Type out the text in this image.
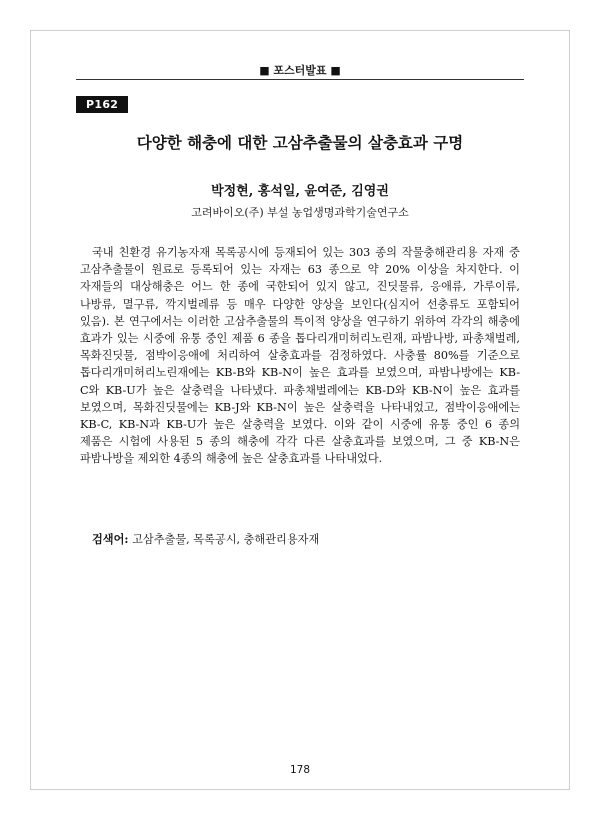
■ 포스터발표 ■
P162
다양한 해충에 대한 고삼추출물의 살충효과 구명
박정현, 홍석일, 윤여준, 김영권
고려바이오(주) 부설 농업생명과학기술연구소

국내 친환경 유기농자재 목록공시에 등재되어 있는 303 종의 작물충해관리용 자재 중 고삼추출물이 원료로 등록되어 있는 자재는 63 종으로 약 20% 이상을 차지한다. 이 자재들의 대상해충은 어느 한 종에 국한되어 있지 않고, 진딧물류, 응애류, 가루이류, 나방류, 멸구류, 깍지벌레류 등 매우 다양한 양상을 보인다(심지어 선충류도 포함되어 있음). 본 연구에서는 이러한 고삼추출물의 특이적 양상을 연구하기 위하여 각각의 해충에 효과가 있는 시중에 유통 중인 제품 6 종을 톱다리개미허리노린재, 파밤나방, 파총채벌레, 목화진딧물, 점박이응애에 처리하여 살충효과를 검정하였다. 사충률 80%를 기준으로 톱다리개미허리노린재에는 KB-B와 KB-N이 높은 효과를 보였으며, 파밤나방에는 KB-C와 KB-U가 높은 살충력을 나타냈다. 파총채벌레에는 KB-D와 KB-N이 높은 효과를 보였으며, 목화진딧물에는 KB-J와 KB-N이 높은 살충력을 나타내었고, 점박이응애에는 KB-C, KB-N과 KB-U가 높은 살충력을 보였다. 이와 같이 시중에 유통 중인 6 종의 제품은 시험에 사용된 5 종의 해충에 각각 다른 살충효과를 보였으며, 그 중 KB-N은 파밤나방을 제외한 4종의 해충에 높은 살충효과를 나타내었다.

검색어: 고삼추출물, 목록공시, 충해관리용자재
178
